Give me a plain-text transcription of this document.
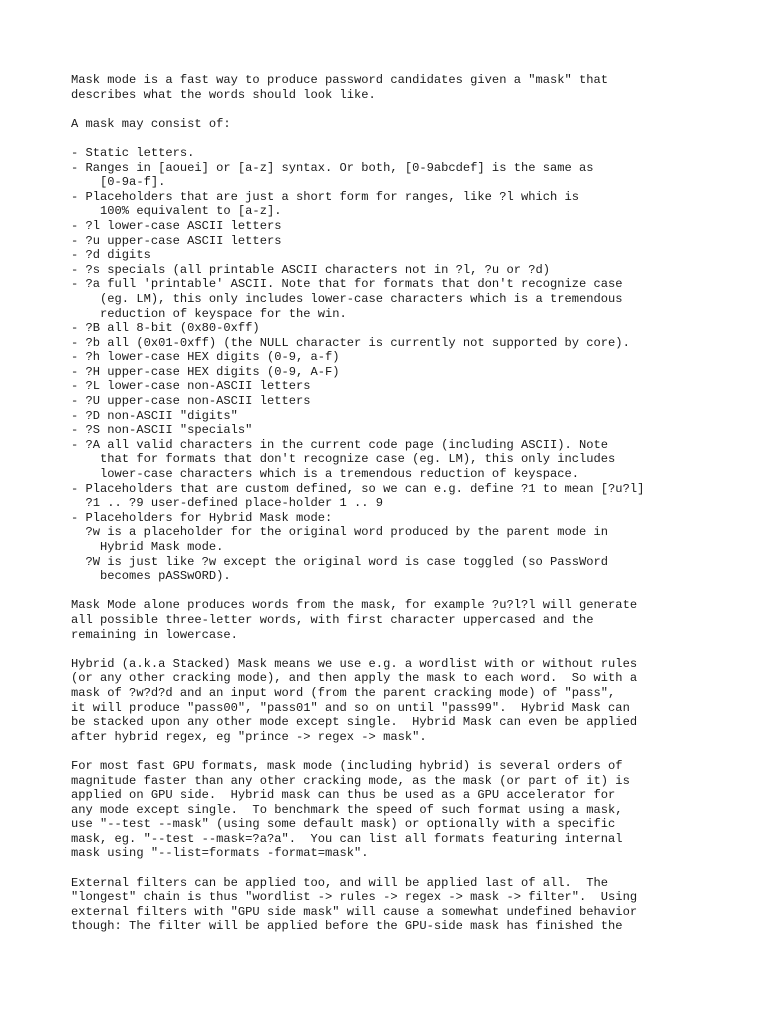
Mask mode is a fast way to produce password candidates given a "mask" that
describes what the words should look like.

A mask may consist of:

- Static letters.
- Ranges in [aouei] or [a-z] syntax. Or both, [0-9abcdef] is the same as
[0-9a-f].
- Placeholders that are just a short form for ranges, like ?l which is
100% equivalent to [a-z].
- ?l lower-case ASCII letters
- ?u upper-case ASCII letters
- ?d digits
- ?s specials (all printable ASCII characters not in ?l, ?u or ?d)
- ?a full 'printable' ASCII. Note that for formats that don't recognize case
(eg. LM), this only includes lower-case characters which is a tremendous
reduction of keyspace for the win.
- ?B all 8-bit (0x80-0xff)
- ?b all (0x01-0xff) (the NULL character is currently not supported by core).
- ?h lower-case HEX digits (0-9, a-f)
- ?H upper-case HEX digits (0-9, A-F)
- ?L lower-case non-ASCII letters
- ?U upper-case non-ASCII letters
- ?D non-ASCII "digits"
- ?S non-ASCII "specials"
- ?A all valid characters in the current code page (including ASCII). Note
that for formats that don't recognize case (eg. LM), this only includes
lower-case characters which is a tremendous reduction of keyspace.
- Placeholders that are custom defined, so we can e.g. define ?1 to mean [?u?l]
?1 .. ?9 user-defined place-holder 1 .. 9
- Placeholders for Hybrid Mask mode:
?w is a placeholder for the original word produced by the parent mode in
Hybrid Mask mode.
?W is just like ?w except the original word is case toggled (so PassWord
becomes pASSwORD).

Mask Mode alone produces words from the mask, for example ?u?l?l will generate
all possible three-letter words, with first character uppercased and the
remaining in lowercase.

Hybrid (a.k.a Stacked) Mask means we use e.g. a wordlist with or without rules
(or any other cracking mode), and then apply the mask to each word.  So with a
mask of ?w?d?d and an input word (from the parent cracking mode) of "pass",
it will produce "pass00", "pass01" and so on until "pass99".  Hybrid Mask can
be stacked upon any other mode except single.  Hybrid Mask can even be applied
after hybrid regex, eg "prince -> regex -> mask".

For most fast GPU formats, mask mode (including hybrid) is several orders of
magnitude faster than any other cracking mode, as the mask (or part of it) is
applied on GPU side.  Hybrid mask can thus be used as a GPU accelerator for
any mode except single.  To benchmark the speed of such format using a mask,
use "--test --mask" (using some default mask) or optionally with a specific
mask, eg. "--test --mask=?a?a".  You can list all formats featuring internal
mask using "--list=formats -format=mask".

External filters can be applied too, and will be applied last of all.  The
"longest" chain is thus "wordlist -> rules -> regex -> mask -> filter".  Using
external filters with "GPU side mask" will cause a somewhat undefined behavior
though: The filter will be applied before the GPU-side mask has finished the
